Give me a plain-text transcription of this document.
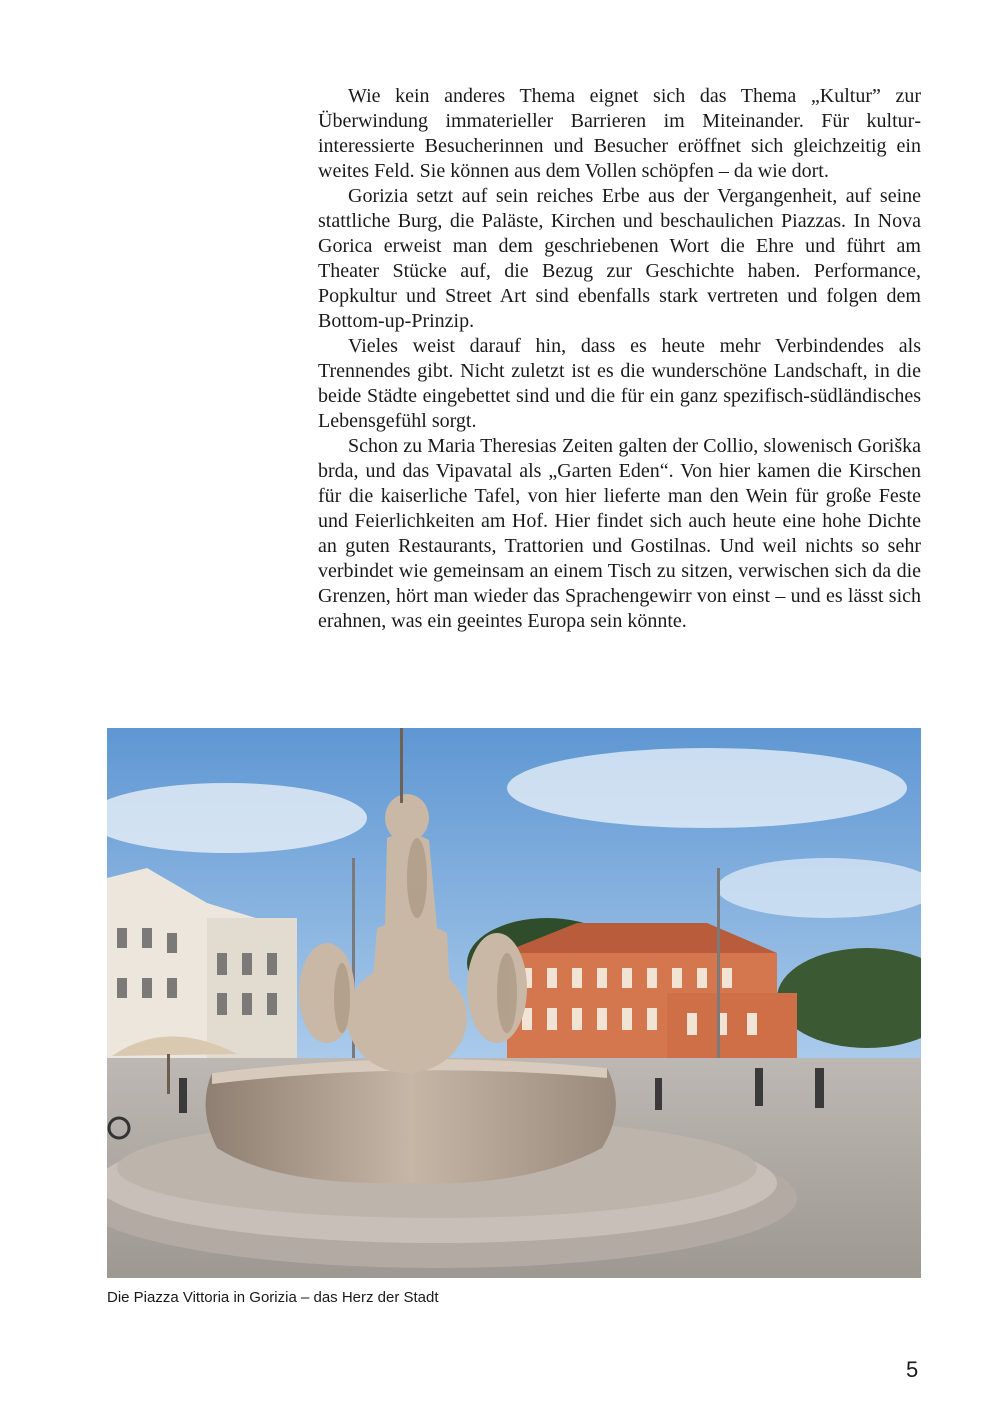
Wie kein anderes Thema eignet sich das Thema „Kultur” zur Überwindung immaterieller Barrieren im Miteinander. Für kulturinteressierte Besucherinnen und Besucher eröffnet sich gleichzeitig ein weites Feld. Sie können aus dem Vollen schöpfen – da wie dort.

Gorizia setzt auf sein reiches Erbe aus der Vergangenheit, auf seine stattliche Burg, die Paläste, Kirchen und beschaulichen Piazzas. In Nova Gorica erweist man dem geschriebenen Wort die Ehre und führt am Theater Stücke auf, die Bezug zur Geschichte haben. Performance, Popkultur und Street Art sind ebenfalls stark vertreten und folgen dem Bottom-up-Prinzip.

Vieles weist darauf hin, dass es heute mehr Verbindendes als Trennendes gibt. Nicht zuletzt ist es die wunderschöne Landschaft, in die beide Städte eingebettet sind und die für ein ganz spezifisch-südländisches Lebensgefühl sorgt.

Schon zu Maria Theresias Zeiten galten der Collio, slowenisch Goriška brda, und das Vipavatal als „Garten Eden“. Von hier kamen die Kirschen für die kaiserliche Tafel, von hier lieferte man den Wein für große Feste und Feierlichkeiten am Hof. Hier findet sich auch heute eine hohe Dichte an guten Restaurants, Trattorien und Gostilnas. Und weil nichts so sehr verbindet wie gemeinsam an einem Tisch zu sitzen, verwischen sich da die Grenzen, hört man wieder das Sprachengewirr von einst – und es lässt sich erahnen, was ein geeintes Europa sein könnte.

Die Piazza Vittoria in Gorizia – das Herz der Stadt
5
